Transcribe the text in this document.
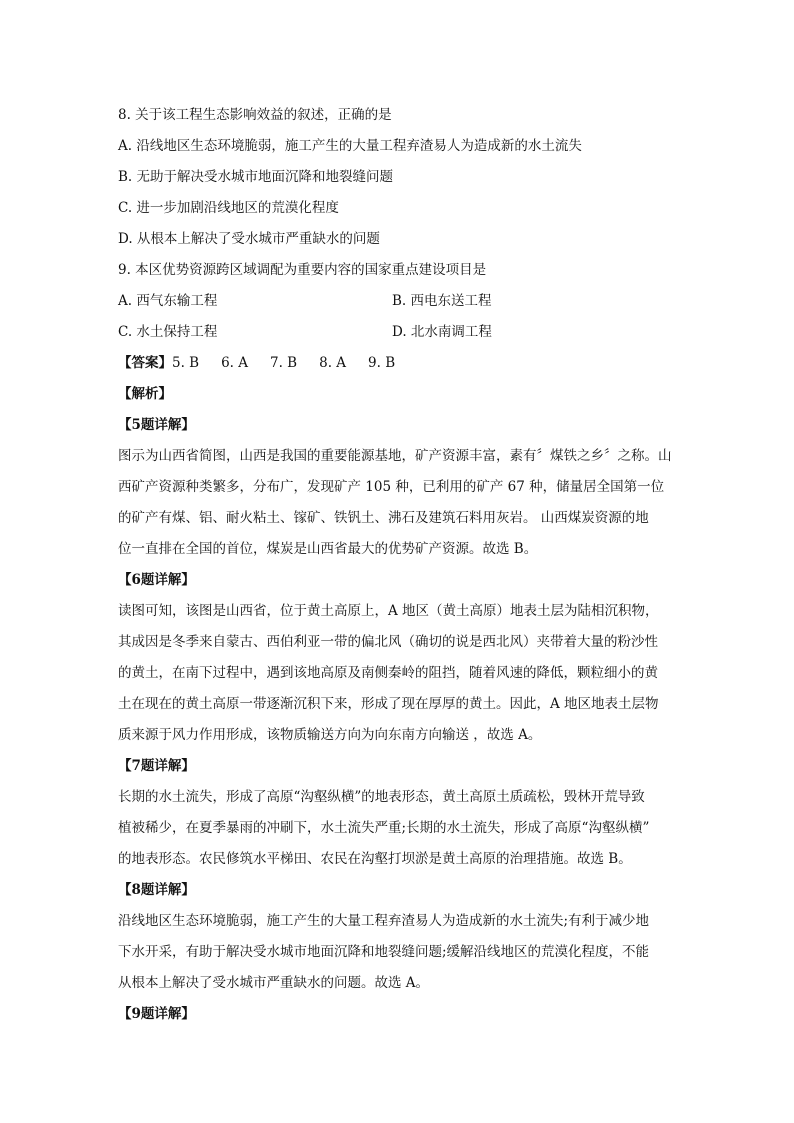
8. 关于该工程生态影响效益的叙述，正确的是
A. 沿线地区生态环境脆弱，施工产生的大量工程弃渣易人为造成新的水土流失
B. 无助于解决受水城市地面沉降和地裂缝问题
C. 进一步加剧沿线地区的荒漠化程度
D. 从根本上解决了受水城市严重缺水的问题
9. 本区优势资源跨区域调配为重要内容的国家重点建设项目是
A. 西气东输工程	B. 西电东送工程
C. 水土保持工程	D. 北水南调工程
【答案】5. B 6. A 7. B 8. A 9. B
【解析】
【5题详解】
图示为山西省简图，山西是我国的重要能源基地，矿产资源丰富，素有〞煤铁之乡〞之称。山
西矿产资源种类繁多，分布广，发现矿产 105 种，已利用的矿产 67 种，储量居全国第一位
的矿产有煤、铝、耐火粘土、镓矿、铁钒土、沸石及建筑石料用灰岩。 山西煤炭资源的地
位一直排在全国的首位，煤炭是山西省最大的优势矿产资源。故选 B。
【6题详解】
读图可知，该图是山西省，位于黄土高原上，A 地区（黄土高原）地表土层为陆相沉积物，
其成因是冬季来自蒙古、西伯利亚一带的偏北风（确切的说是西北风）夹带着大量的粉沙性
的黄土，在南下过程中，遇到该地高原及南侧秦岭的阻挡，随着风速的降低，颗粒细小的黄
土在现在的黄土高原一带逐渐沉积下来，形成了现在厚厚的黄土。因此，A 地区地表土层物
质来源于风力作用形成，该物质输送方向为向东南方向输送 ，故选 A。
【7题详解】
长期的水土流失，形成了高原“沟壑纵横”的地表形态，黄土高原土质疏松，毁林开荒导致
植被稀少，在夏季暴雨的冲刷下，水土流失严重;长期的水土流失，形成了高原“沟壑纵横”
的地表形态。农民修筑水平梯田、农民在沟壑打坝淤是黄土高原的治理措施。故选 B。
【8题详解】
沿线地区生态环境脆弱，施工产生的大量工程弃渣易人为造成新的水土流失;有利于减少地
下水开采，有助于解决受水城市地面沉降和地裂缝问题;缓解沿线地区的荒漠化程度，不能
从根本上解决了受水城市严重缺水的问题。故选 A。
【9题详解】
